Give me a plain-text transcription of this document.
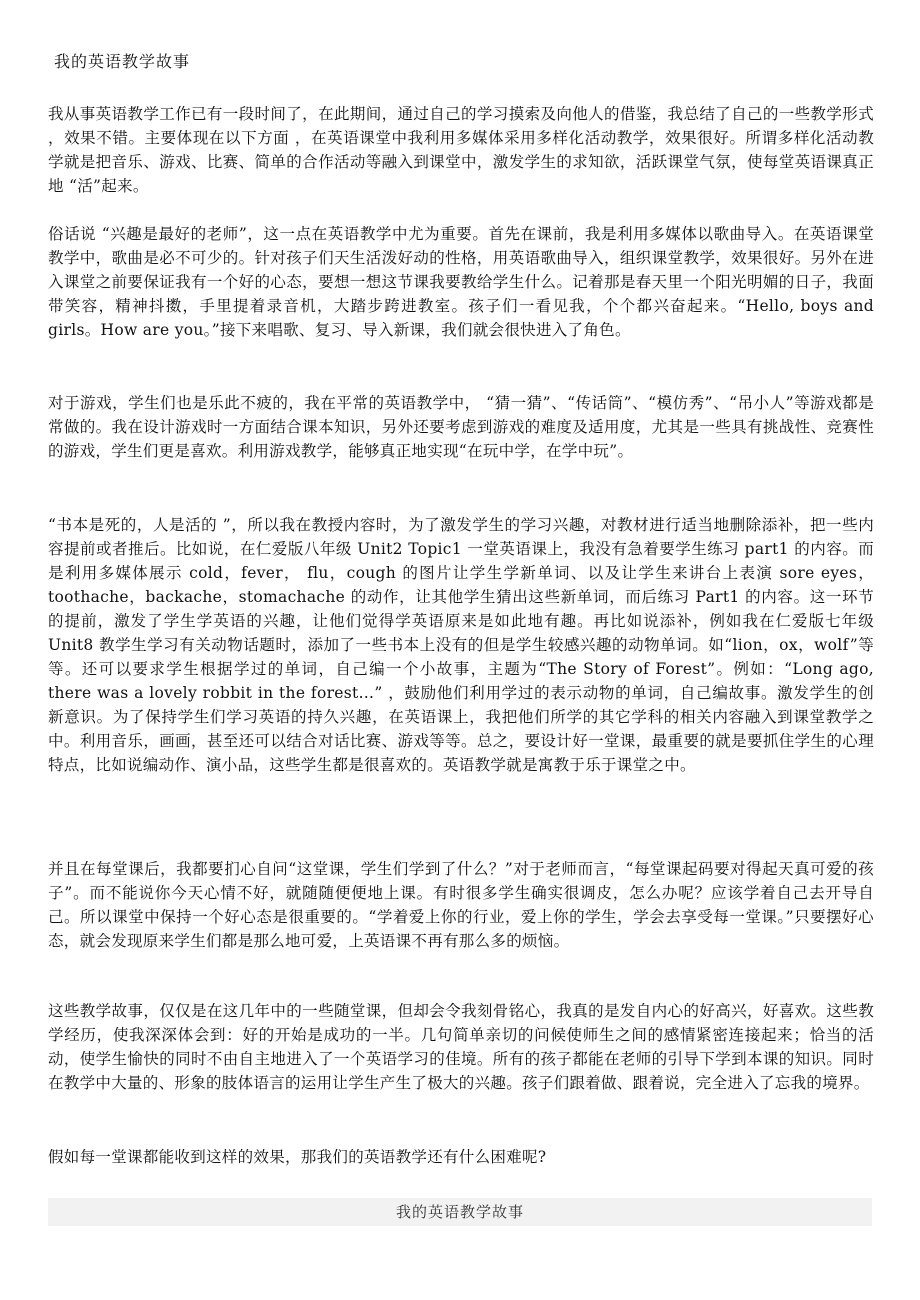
我的英语教学故事

我从事英语教学工作已有一段时间了，在此期间，通过自己的学习摸索及向他人的借鉴，我总结了自己的一些教学形式 ，效果不错。主要体现在以下方面 ，在英语课堂中我利用多媒体采用多样化活动教学，效果很好。所谓多样化活动教学就是把音乐、游戏、比赛、简单的合作活动等融入到课堂中，激发学生的求知欲，活跃课堂气氛，使每堂英语课真正地 “活”起来。

俗话说 “兴趣是最好的老师”，这一点在英语教学中尤为重要。首先在课前，我是利用多媒体以歌曲导入。在英语课堂教学中，歌曲是必不可少的。针对孩子们天生活泼好动的性格，用英语歌曲导入，组织课堂教学，效果很好。另外在进入课堂之前要保证我有一个好的心态，要想一想这节课我要教给学生什么。记着那是春天里一个阳光明媚的日子，我面带笑容，精神抖擞，手里提着录音机，大踏步跨进教室。孩子们一看见我，个个都兴奋起来。“Hello, boys and girls。How are you。”接下来唱歌、复习、导入新课，我们就会很快进入了角色。

对于游戏，学生们也是乐此不疲的，我在平常的英语教学中， “猜一猜”、“传话筒”、“模仿秀”、“吊小人”等游戏都是常做的。我在设计游戏时一方面结合课本知识，另外还要考虑到游戏的难度及适用度，尤其是一些具有挑战性、竞赛性的游戏，学生们更是喜欢。利用游戏教学，能够真正地实现“在玩中学，在学中玩”。

“书本是死的，人是活的 ”，所以我在教授内容时，为了激发学生的学习兴趣，对教材进行适当地删除添补，把一些内容提前或者推后。比如说，在仁爱版八年级 Unit2 Topic1 一堂英语课上，我没有急着要学生练习 part1 的内容。而是利用多媒体展示 cold，fever， flu，cough 的图片让学生学新单词、以及让学生来讲台上表演 sore eyes，toothache，backache，stomachache 的动作，让其他学生猜出这些新单词，而后练习 Part1 的内容。这一环节的提前，激发了学生学英语的兴趣，让他们觉得学英语原来是如此地有趣。再比如说添补，例如我在仁爱版七年级 Unit8 教学生学习有关动物话题时，添加了一些书本上没有的但是学生较感兴趣的动物单词。如“lion，ox，wolf”等等。还可以要求学生根据学过的单词，自己编一个小故事，主题为“The Story of Forest”。例如：“Long ago, there was a lovely robbit in the forest…” ，鼓励他们利用学过的表示动物的单词，自己编故事。激发学生的创新意识。为了保持学生们学习英语的持久兴趣，在英语课上，我把他们所学的其它学科的相关内容融入到课堂教学之中。利用音乐，画画，甚至还可以结合对话比赛、游戏等等。总之，要设计好一堂课，最重要的就是要抓住学生的心理特点，比如说编动作、演小品，这些学生都是很喜欢的。英语教学就是寓教于乐于课堂之中。

并且在每堂课后，我都要扪心自问“这堂课，学生们学到了什么？”对于老师而言，“每堂课起码要对得起天真可爱的孩子”。而不能说你今天心情不好，就随随便便地上课。有时很多学生确实很调皮，怎么办呢？应该学着自己去开导自己。所以课堂中保持一个好心态是很重要的。“学着爱上你的行业，爱上你的学生，学会去享受每一堂课。”只要摆好心态，就会发现原来学生们都是那么地可爱，上英语课不再有那么多的烦恼。

这些教学故事，仅仅是在这几年中的一些随堂课，但却会令我刻骨铭心，我真的是发自内心的好高兴，好喜欢。这些教学经历，使我深深体会到：好的开始是成功的一半。几句简单亲切的问候使师生之间的感情紧密连接起来；恰当的活动，使学生愉快的同时不由自主地进入了一个英语学习的佳境。所有的孩子都能在老师的引导下学到本课的知识。同时在教学中大量的、形象的肢体语言的运用让学生产生了极大的兴趣。孩子们跟着做、跟着说，完全进入了忘我的境界。

假如每一堂课都能收到这样的效果，那我们的英语教学还有什么困难呢?

我的英语教学故事
